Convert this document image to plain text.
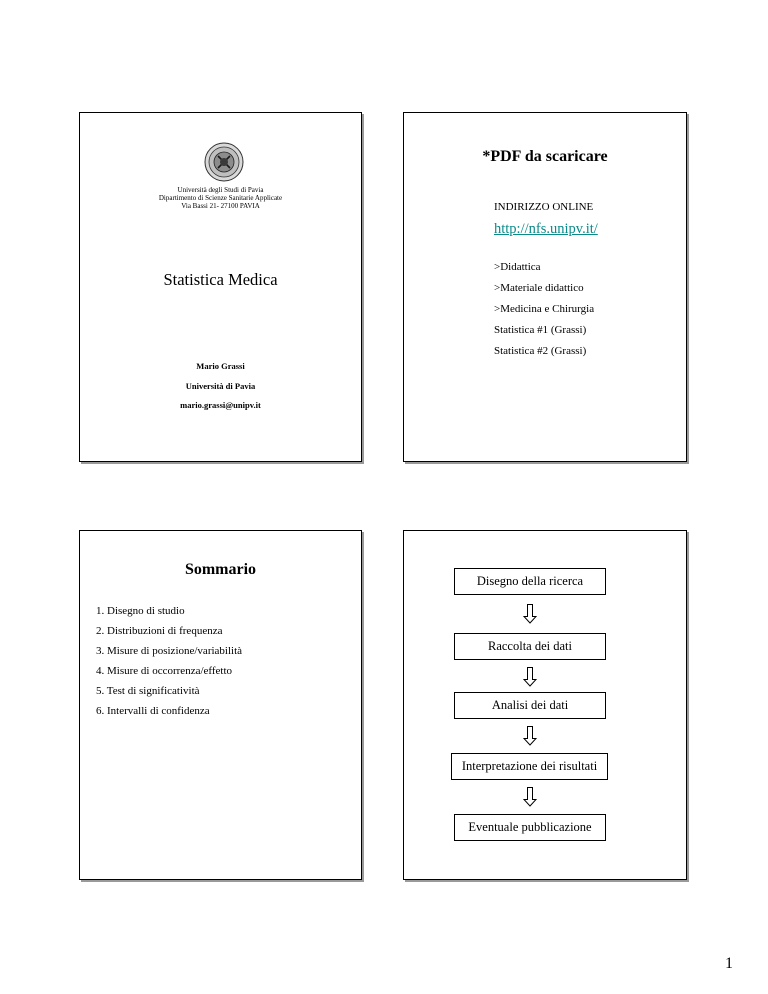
Università degli Studi di Pavia
Dipartimento di Scienze Sanitarie Applicate
Via Bassi 21- 27100 PAVIA
Statistica Medica
Mario Grassi
Università di Pavia
mario.grassi@unipv.it
*PDF da scaricare
INDIRIZZO ONLINE
http://nfs.unipv.it/
>Didattica
>Materiale didattico
>Medicina e Chirurgia
Statistica #1 (Grassi)
Statistica #2 (Grassi)
Sommario
1. Disegno di studio
2. Distribuzioni di frequenza
3. Misure di posizione/variabilità
4. Misure di occorrenza/effetto
5. Test di significatività
6. Intervalli di confidenza
Disegno della ricerca
Raccolta dei dati
Analisi dei dati
Interpretazione dei risultati
Eventuale pubblicazione
1
